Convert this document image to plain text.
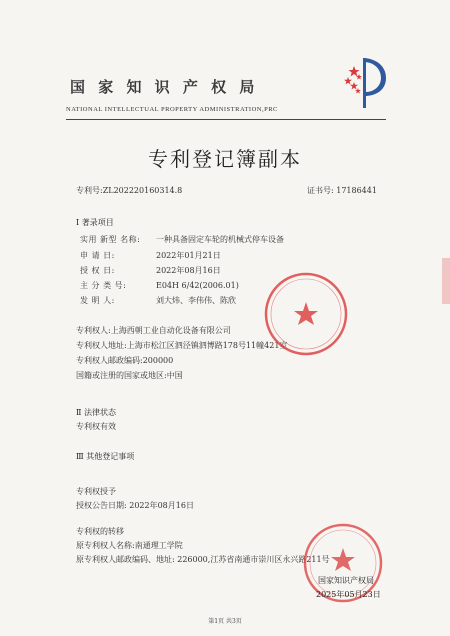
国 家 知 识 产 权 局
NATIONAL INTELLECTUAL PROPERTY ADMINISTRATION,PRC
专利登记簿副本
专利号:ZL202220160314.8	证书号: 17186441
Ⅰ 著录项目
实用 新型 名称: 一种具备固定车轮的机械式停车设备
申 请 日:	2022年01月21日
授 权 日:	2022年08月16日
主 分 类 号:	E04H 6/42(2006.01)
发 明 人:	刘大炜、李伟伟、陈欣
专利权人:上海西朝工业自动化设备有限公司
专利权人地址:上海市松江区泗泾镇泗博路178号11幢421室
专利权人邮政编码:200000
国籍或注册的国家或地区:中国
Ⅱ 法律状态
专利权有效
Ⅲ 其他登记事项
专利权授予
授权公告日期: 2022年08月16日
专利权的转移
原专利权人名称:南通理工学院
原专利权人邮政编码、地址: 226000,江苏省南通市崇川区永兴路211号
国家知识产权局
2025年05月23日
第1页 共3页
